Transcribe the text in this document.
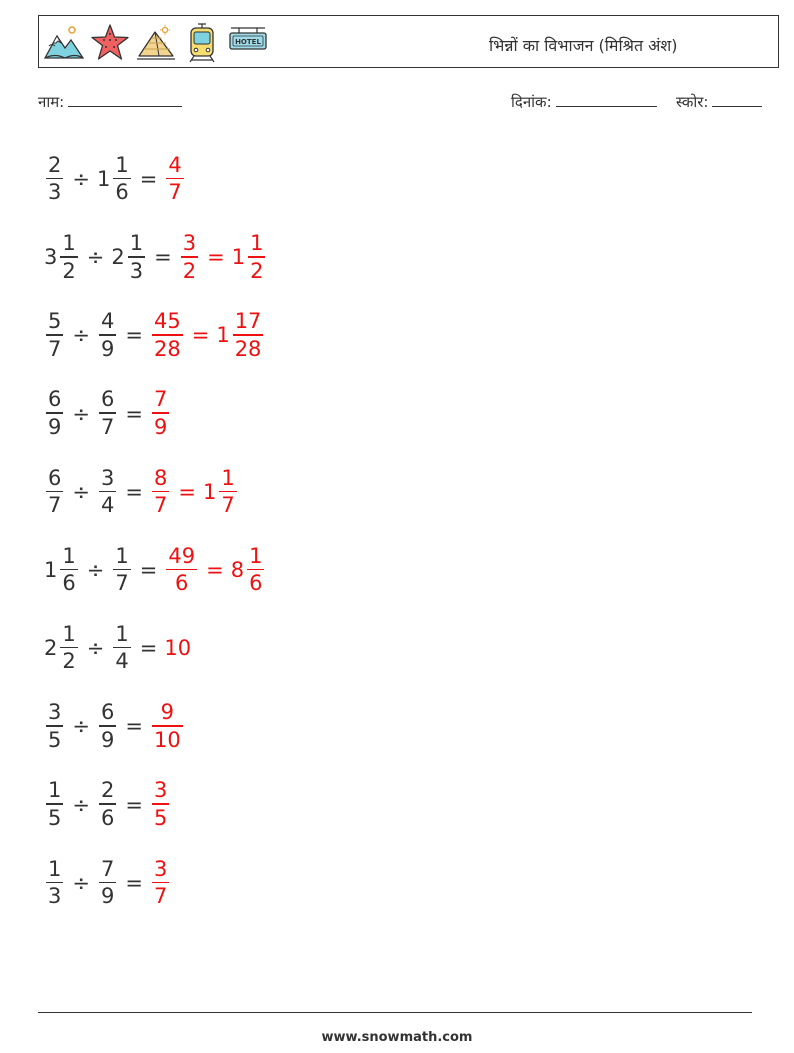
HOTEL	भिन्नों का विभाजन (मिश्रित अंश)
नाम:	दिनांक:	स्कोर:
$\frac{2}{3} \div 1 \frac{1}{6} = \frac{4}{7}$
$3 \frac{1}{2} \div 2 \frac{1}{3} = \frac{3}{2} = 1 \frac{1}{2}$
$\frac{5}{7} \div \frac{4}{9} = \frac{45}{28} = 1 \frac{17}{28}$
$\frac{6}{9} \div \frac{6}{7} = \frac{7}{9}$
$\frac{6}{7} \div \frac{3}{4} = \frac{8}{7} = 1 \frac{1}{7}$
$1 \frac{1}{6} \div \frac{1}{7} = \frac{49}{6} = 8 \frac{1}{6}$
$2 \frac{1}{2} \div \frac{1}{4} = 10$
$\frac{3}{5} \div \frac{6}{9} = \frac{9}{10}$
$\frac{1}{5} \div \frac{2}{6} = \frac{3}{5}$
$\frac{1}{3} \div \frac{7}{9} = \frac{3}{7}$
www.snowmath.com
